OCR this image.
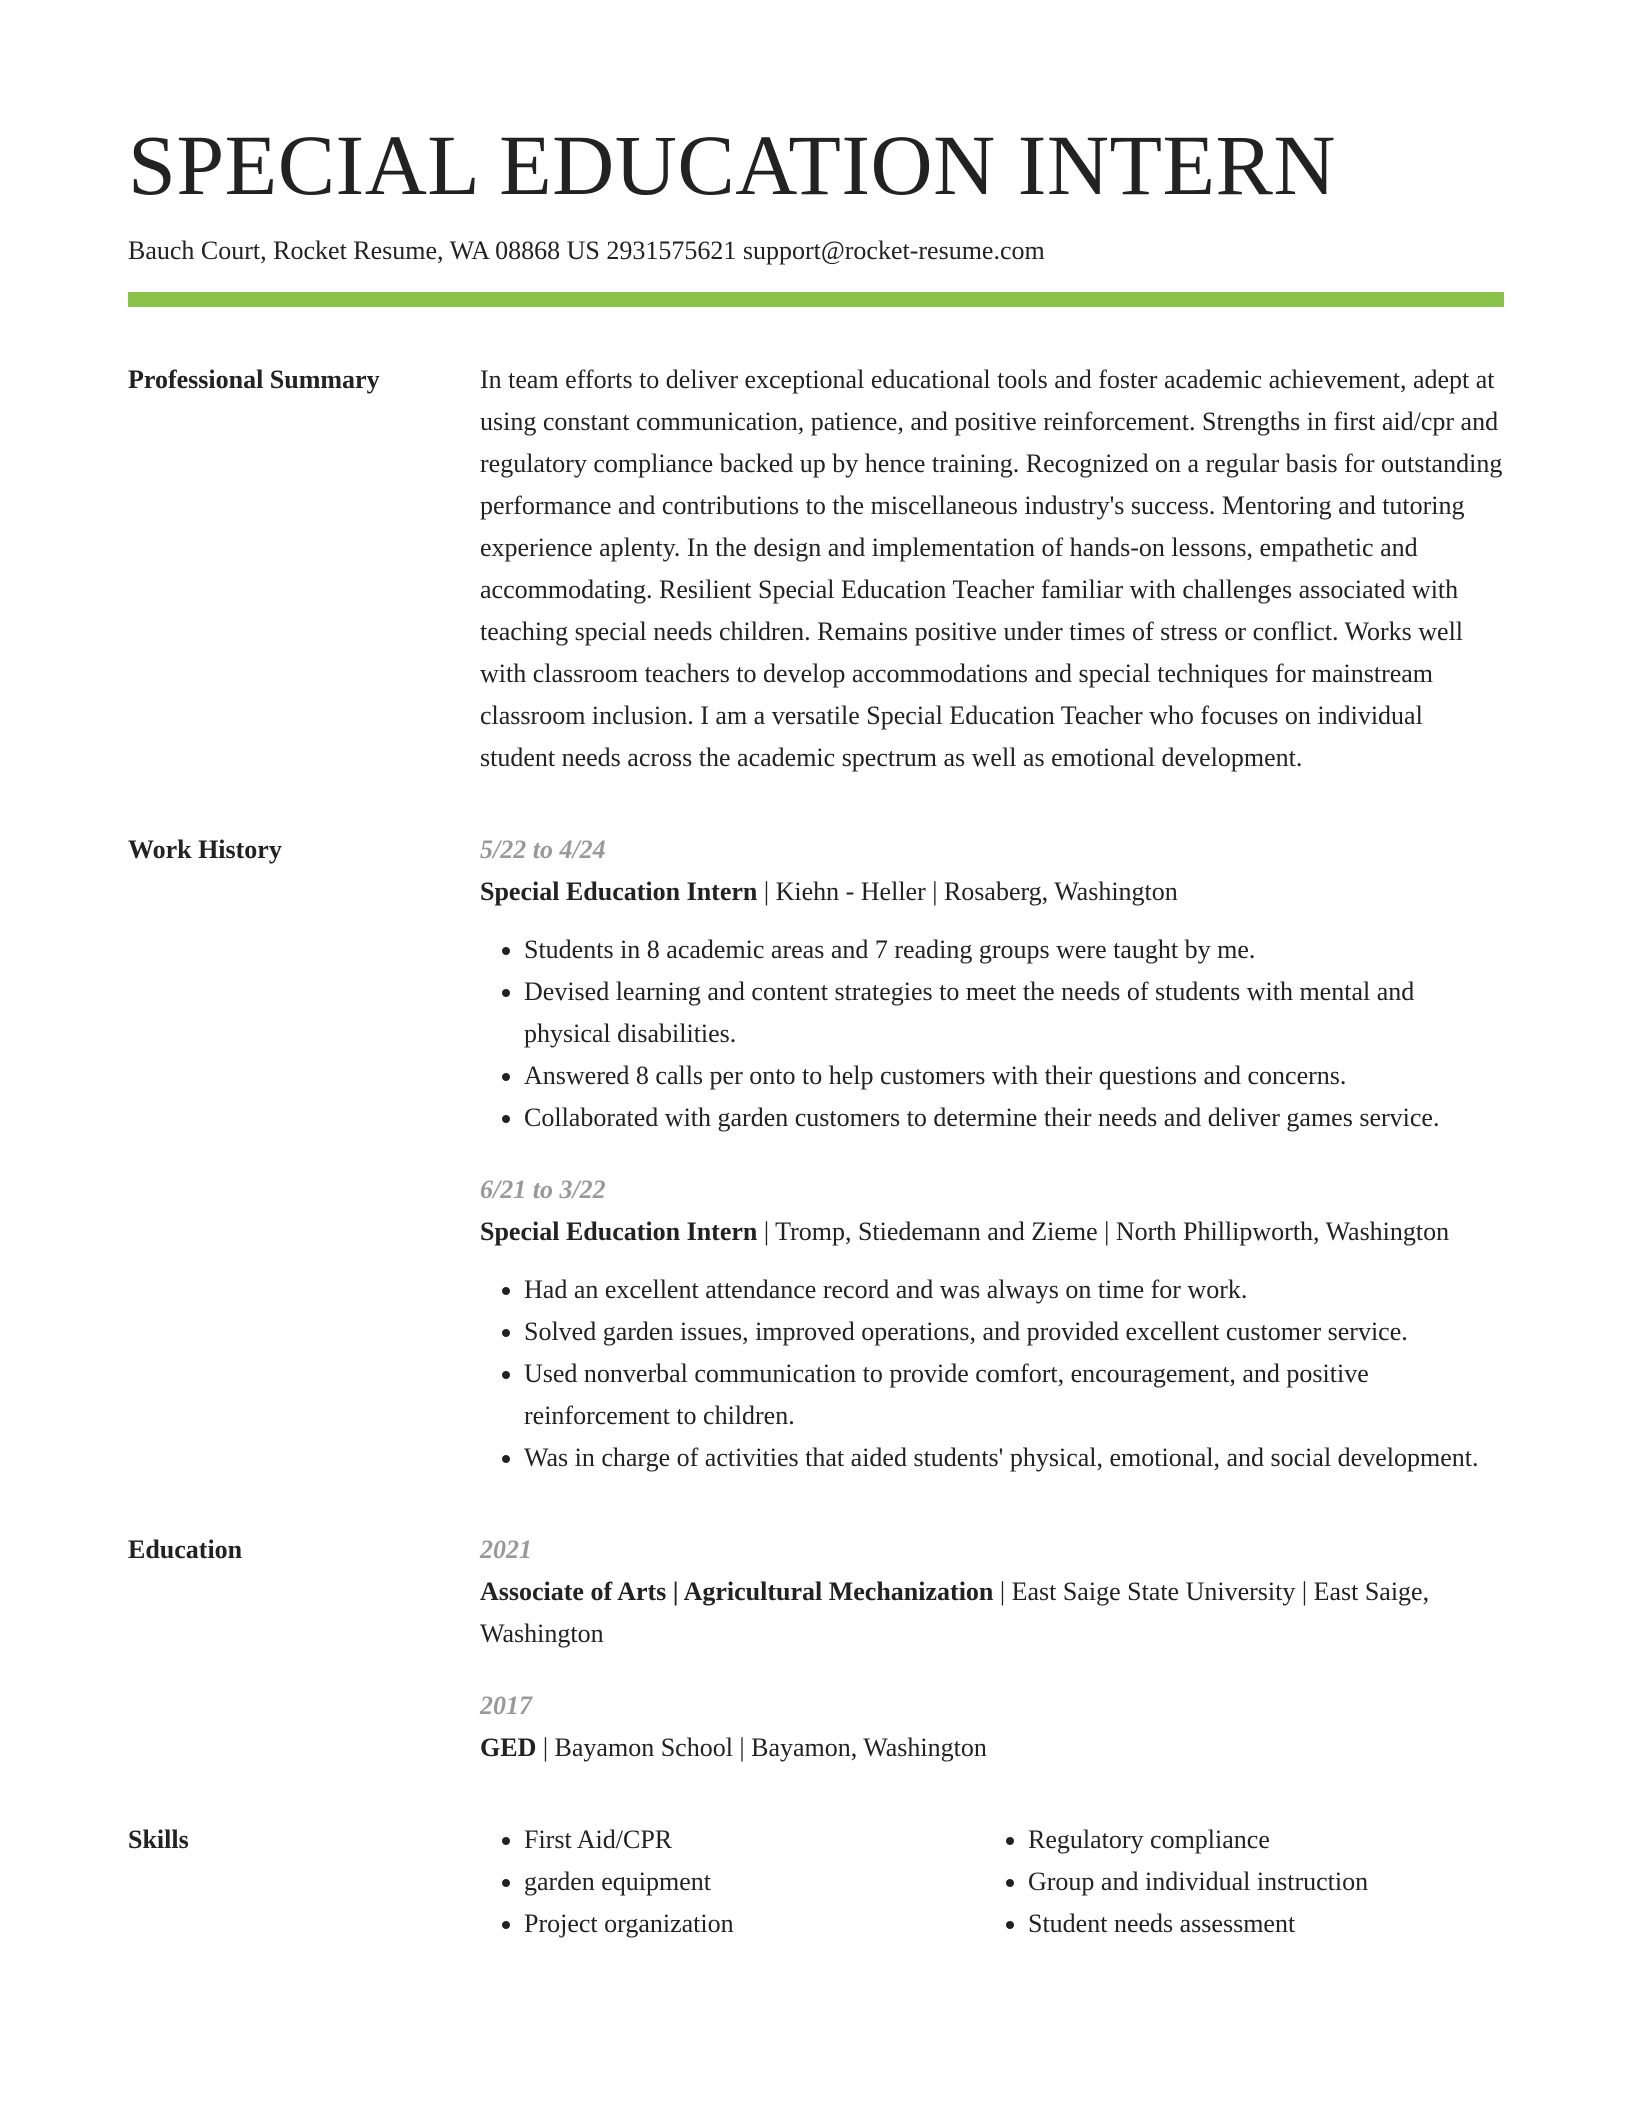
SPECIAL EDUCATION INTERN
Bauch Court, Rocket Resume, WA 08868 US 2931575621 support@rocket-resume.com
Professional Summary	In team efforts to deliver exceptional educational tools and foster academic achievement, adept at using constant communication, patience, and positive reinforcement. Strengths in first aid/cpr and regulatory compliance backed up by hence training. Recognized on a regular basis for outstanding performance and contributions to the miscellaneous industry's success. Mentoring and tutoring experience aplenty. In the design and implementation of hands-on lessons, empathetic and accommodating. Resilient Special Education Teacher familiar with challenges associated with teaching special needs children. Remains positive under times of stress or conflict. Works well with classroom teachers to develop accommodations and special techniques for mainstream classroom inclusion. I am a versatile Special Education Teacher who focuses on individual student needs across the academic spectrum as well as emotional development.

Work History	5/22 to 4/24
Special Education Intern | Kiehn - Heller | Rosaberg, Washington
• Students in 8 academic areas and 7 reading groups were taught by me.
• Devised learning and content strategies to meet the needs of students with mental and physical disabilities.
• Answered 8 calls per onto to help customers with their questions and concerns.
• Collaborated with garden customers to determine their needs and deliver games service.
6/21 to 3/22
Special Education Intern | Tromp, Stiedemann and Zieme | North Phillipworth, Washington
• Had an excellent attendance record and was always on time for work.
• Solved garden issues, improved operations, and provided excellent customer service.
• Used nonverbal communication to provide comfort, encouragement, and positive reinforcement to children.
• Was in charge of activities that aided students' physical, emotional, and social development.
Education	2021
Associate of Arts | Agricultural Mechanization | East Saige State University | East Saige, Washington
2017
GED | Bayamon School | Bayamon, Washington
Skills
•	First Aid/CPR
• garden equipment
• Project organization
• Regulatory compliance
• Group and individual instruction
• Student needs assessment
